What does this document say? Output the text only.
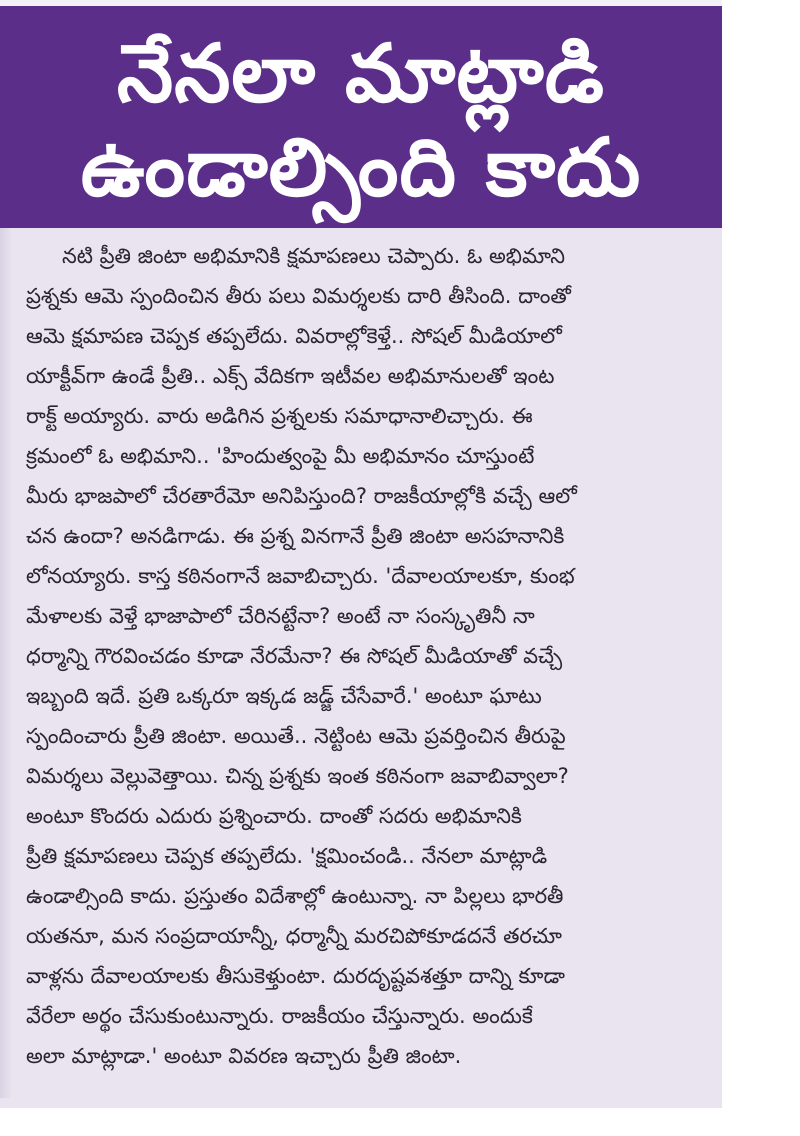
నేనలా మాట్లాడి
ఉండాల్సింది కాదు
నటి ప్రీతి జింటా అభిమానికి క్షమాపణలు చెప్పారు. ఓ అభిమాని
ప్రశ్నకు ఆమె స్పందించిన తీరు పలు విమర్శలకు దారి తీసింది. దాంతో
ఆమె క్షమాపణ చెప్పక తప్పలేదు. వివరాల్లోకెళ్తే.. సోషల్ మీడియాలో
యాక్టీవ్‌గా ఉండే ప్రీతి.. ఎక్స్ వేదికగా ఇటీవల అభిమానులతో ఇంట
రాక్ట్ అయ్యారు. వారు అడిగిన ప్రశ్నలకు సమాధానాలిచ్చారు. ఈ
క్రమంలో ఓ అభిమాని.. 'హిందుత్వంపై మీ అభిమానం చూస్తుంటే
మీరు భాజపాలో చేరతారేమో అనిపిస్తుంది? రాజకీయాల్లోకి వచ్చే ఆలో
చన ఉందా? అనడిగాడు. ఈ ప్రశ్న వినగానే ప్రీతి జింటా అసహనానికి
లోనయ్యారు. కాస్త కఠినంగానే జవాబిచ్చారు. 'దేవాలయాలకూ, కుంభ
మేళాలకు వెళ్తే భాజాపాలో చేరినట్టేనా? అంటే నా సంస్కృతినీ నా
ధర్మాన్ని గౌరవించడం కూడా నేరమేనా? ఈ సోషల్ మీడియాతో వచ్చే
ఇబ్బంది ఇదే. ప్రతి ఒక్కరూ ఇక్కడ జడ్జ్ చేసేవారే.' అంటూ ఘాటు
స్పందించారు ప్రీతి జింటా. అయితే.. నెట్టింట ఆమె ప్రవర్తించిన తీరుపై
విమర్శలు వెల్లువెత్తాయి. చిన్న ప్రశ్నకు ఇంత కఠినంగా జవాబివ్వాలా?
అంటూ కొందరు ఎదురు ప్రశ్నించారు. దాంతో సదరు అభిమానికి
ప్రీతి క్షమాపణలు చెప్పక తప్పలేదు. 'క్షమించండి.. నేనలా మాట్లాడి
ఉండాల్సింది కాదు. ప్రస్తుతం విదేశాల్లో ఉంటున్నా. నా పిల్లలు భారతీ
యతనూ, మన సంప్రదాయాన్నీ, ధర్మాన్నీ మరచిపోకూడదనే తరచూ
వాళ్లను దేవాలయాలకు తీసుకెళ్తుంటా. దురదృష్టవశత్తూ దాన్ని కూడా
వేరేలా అర్థం చేసుకుంటున్నారు. రాజకీయం చేస్తున్నారు. అందుకే
అలా మాట్లాడా.' అంటూ వివరణ ఇచ్చారు ప్రీతి జింటా.
